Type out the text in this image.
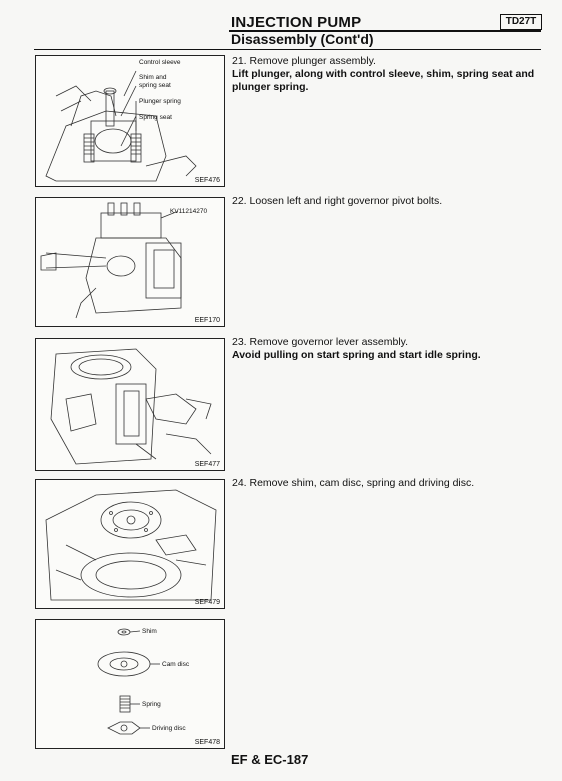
INJECTION PUMP	TD27T
Disassembly (Cont'd)
Control sleeve
Shim and
spring seat
Plunger spring
Spring seat
SEF476
KV11214270
EEF170
SEF477
SEF479
Shim
Cam disc
Spring
Driving disc
SEF478
21. Remove plunger assembly.
Lift plunger, along with control sleeve, shim, spring seat and plunger spring.
22. Loosen left and right governor pivot bolts.
23. Remove governor lever assembly.
Avoid pulling on start spring and start idle spring.
24. Remove shim, cam disc, spring and driving disc.
EF & EC-187
